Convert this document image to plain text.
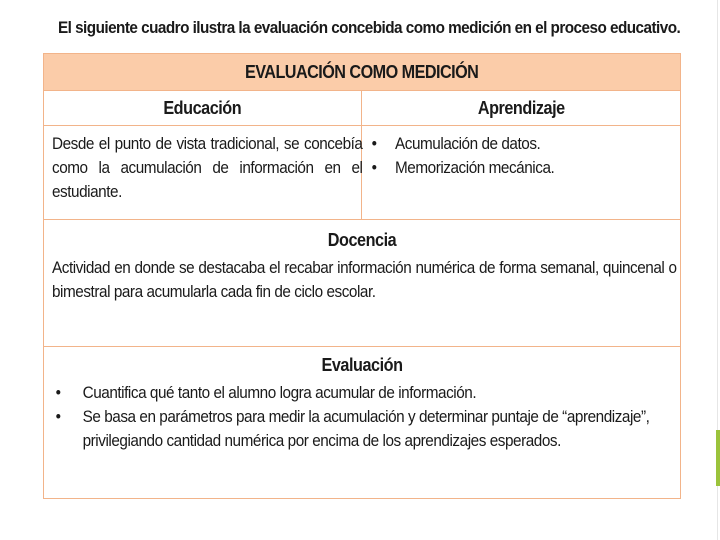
El siguiente cuadro ilustra la evaluación concebida como medición en el proceso educativo.
EVALUACIÓN COMO MEDICIÓN
Educación	Aprendizaje
Desde el punto de vista tradicional, se concebía como la acumulación de información en el estudiante.
• Acumulación de datos.
• Memorización mecánica.
Docencia
Actividad en donde se destacaba el recabar información numérica de forma semanal, quincenal o bimestral para acumularla cada fin de ciclo escolar.
Evaluación
• Cuantifica qué tanto el alumno logra acumular de información.
• Se basa en parámetros para medir la acumulación y determinar puntaje de “aprendizaje”, privilegiando cantidad numérica por encima de los aprendizajes esperados.
